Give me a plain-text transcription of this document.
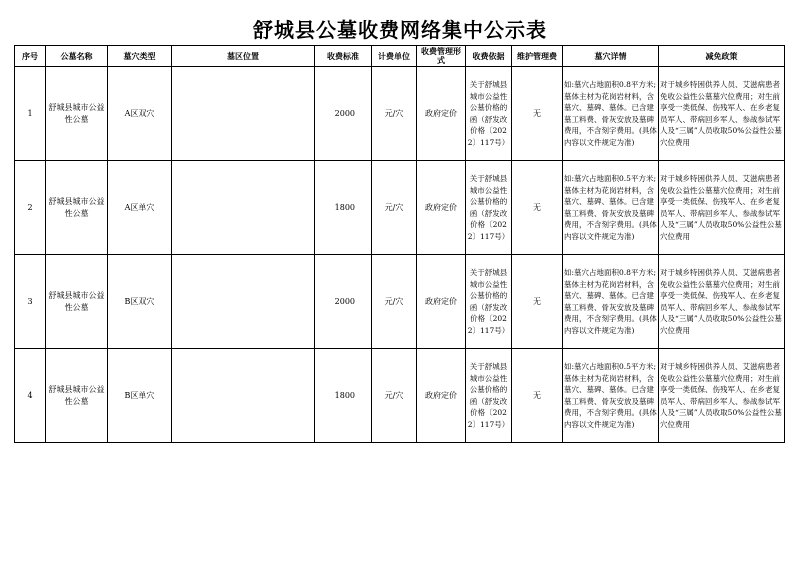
舒城县公墓收费网络集中公示表
序号	公墓名称	墓穴类型	墓区位置	收费标准	计费单位	收费管理形　式	收费依据	维护管理费	墓穴详情	减免政策
1	舒城县城市公益性公墓	A区双穴		2000	元/穴	政府定价	关于舒城县城市公益性公墓价格的函（舒发改价格〔2022〕117号）	无	如:墓穴占地面积0.8平方米;墓体主材为花岗岩材料，含墓穴、墓碑、墓体。已含建墓工料费、骨灰安放及墓碑费用，不含刻字费用。(具体内容以文件规定为准)	对于城乡特困供养人员、艾滋病患者免收公益性公墓墓穴位费用；对生前享受一类低保、伤残军人、在乡老复员军人、带病回乡军人、参战参试军人及“三属”人员收取50%公益性公墓穴位费用
2	舒城县城市公益性公墓	A区单穴		1800	元/穴	政府定价	关于舒城县城市公益性公墓价格的函（舒发改价格〔2022〕117号）	无	如:墓穴占地面积0.5平方米;墓体主材为花岗岩材料，含墓穴、墓碑、墓体。已含建墓工料费、骨灰安放及墓碑费用，不含刻字费用。(具体内容以文件规定为准)	对于城乡特困供养人员、艾滋病患者免收公益性公墓墓穴位费用；对生前享受一类低保、伤残军人、在乡老复员军人、带病回乡军人、参战参试军人及“三属”人员收取50%公益性公墓穴位费用
3	舒城县城市公益性公墓	B区双穴		2000	元/穴	政府定价	关于舒城县城市公益性公墓价格的函（舒发改价格〔2022〕117号）	无	如:墓穴占地面积0.8平方米;墓体主材为花岗岩材料，含墓穴、墓碑、墓体。已含建墓工料费、骨灰安放及墓碑费用，不含刻字费用。(具体内容以文件规定为准)	对于城乡特困供养人员、艾滋病患者免收公益性公墓墓穴位费用；对生前享受一类低保、伤残军人、在乡老复员军人、带病回乡军人、参战参试军人及“三属”人员收取50%公益性公墓穴位费用
4	舒城县城市公益性公墓	B区单穴		1800	元/穴	政府定价	关于舒城县城市公益性公墓价格的函（舒发改价格〔2022〕117号）	无	如:墓穴占地面积0.5平方米;墓体主材为花岗岩材料，含墓穴、墓碑、墓体。已含建墓工料费、骨灰安放及墓碑费用，不含刻字费用。(具体内容以文件规定为准)	对于城乡特困供养人员、艾滋病患者免收公益性公墓墓穴位费用；对生前享受一类低保、伤残军人、在乡老复员军人、带病回乡军人、参战参试军人及“三属”人员收取50%公益性公墓穴位费用
